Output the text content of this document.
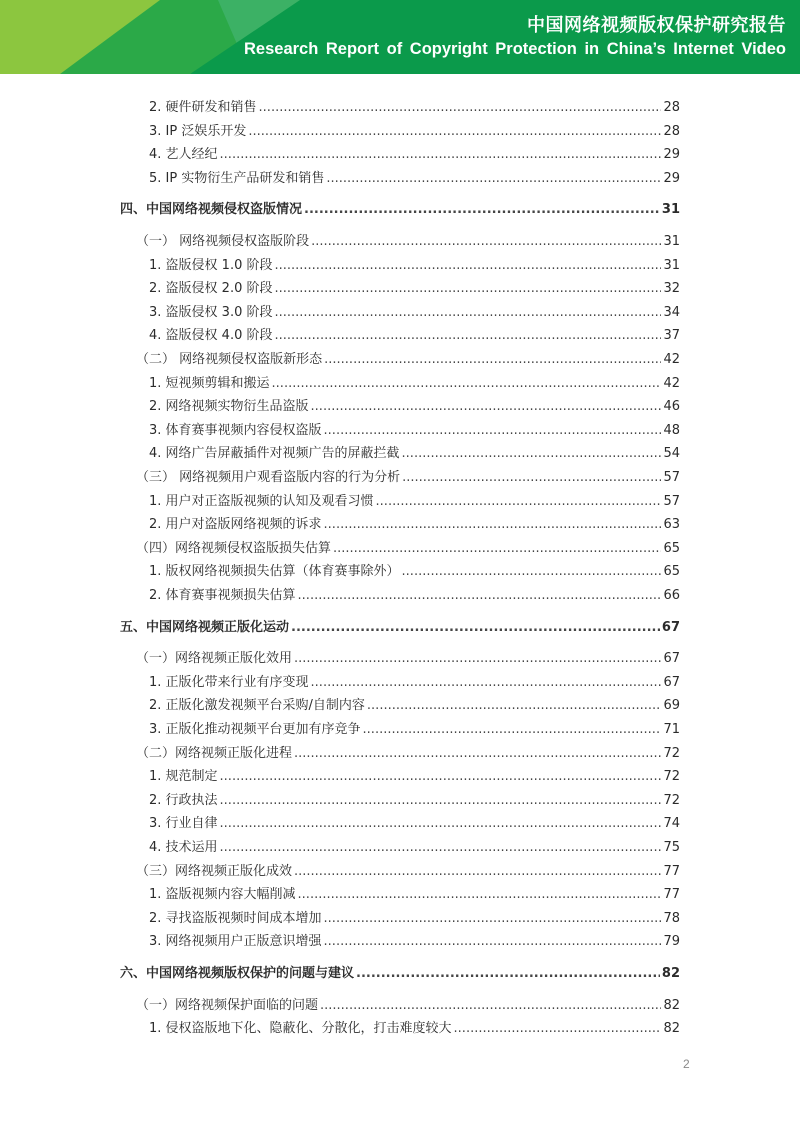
中国网络视频版权保护研究报告
Research Report of Copyright Protection in China’s Internet Video
2. 硬件研发和销售 .....	28
3. IP 泛娱乐开发 .....	28
4. 艺人经纪 .....	29
5. IP 实物衍生产品研发和销售 .....	29
四、中国网络视频侵权盗版情况 .....	31
（一） 网络视频侵权盗版阶段 .....	31
1. 盗版侵权 1.0 阶段 .....	31
2. 盗版侵权 2.0 阶段 .....	32
3. 盗版侵权 3.0 阶段 .....	34
4. 盗版侵权 4.0 阶段 .....	37
（二） 网络视频侵权盗版新形态 .....	42
1. 短视频剪辑和搬运 .....	42
2. 网络视频实物衍生品盗版 .....	46
3. 体育赛事视频内容侵权盗版 .....	48
4. 网络广告屏蔽插件对视频广告的屏蔽拦截 .....	54
（三） 网络视频用户观看盗版内容的行为分析 .....	57
1. 用户对正盗版视频的认知及观看习惯 .....	57
2. 用户对盗版网络视频的诉求 .....	63
（四）网络视频侵权盗版损失估算 .....	65
1. 版权网络视频损失估算（体育赛事除外） .....	65
2. 体育赛事视频损失估算 .....	66
五、中国网络视频正版化运动 .....	67
（一）网络视频正版化效用 .....	67
1. 正版化带来行业有序变现 .....	67
2. 正版化激发视频平台采购/自制内容 .....	69
3. 正版化推动视频平台更加有序竞争 .....	71
（二）网络视频正版化进程 .....	72
1. 规范制定 .....	72
2. 行政执法 .....	72
3. 行业自律 .....	74
4. 技术运用 .....	75
（三）网络视频正版化成效 .....	77
1. 盗版视频内容大幅削减 .....	77
2. 寻找盗版视频时间成本增加 .....	78
3. 网络视频用户正版意识增强 .....	79
六、中国网络视频版权保护的问题与建议 .....	82
（一）网络视频保护面临的问题 .....	82
1. 侵权盗版地下化、隐蔽化、分散化，打击难度较大 .....	82
2
